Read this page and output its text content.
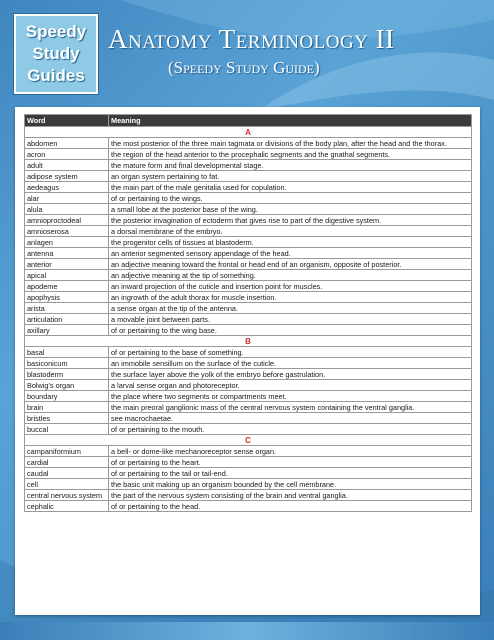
Speedy
Study
Guides
Anatomy Terminology II
(Speedy Study Guide)
Word	Meaning
A	
abdomen	the most posterior of the three main tagmata or divisions of the body plan, after the head and the thorax.
acron	the region of the head anterior to the procephalic segments and the gnathal segments.
adult	the mature form and final developmental stage.
adipose system	an organ system pertaining to fat.
aedeagus	the main part of the male genitalia used for copulation.
alar	of or pertaining to the wings.
alula	a small lobe at the posterior base of the wing.
amnioproctodeal	the posterior invagination of ectoderm that gives rise to part of the digestive system.
amnioserosa	a dorsal membrane of the embryo.
anlagen	the progenitor cells of tissues at blastoderm.
antenna	an anterior segmented sensory appendage of the head.
anterior	an adjective meaning toward the frontal or head end of an organism, opposite of posterior.
apical	an adjective meaning at the tip of something.
apodeme	an inward projection of the cuticle and insertion point for muscles.
apophysis	an ingrowth of the adult thorax for muscle insertion.
arista	a sense organ at the tip of the antenna.
articulation	a movable joint between parts.
axillary	of or pertaining to the wing base.
B	
basal	of or pertaining to the base of something.
basiconicum	an immobile sensillum on the surface of the cuticle.
blastoderm	the surface layer above the yolk of the embryo before gastrulation.
Bolwig's organ	a larval sense organ and photoreceptor.
boundary	the place where two segments or compartments meet.
brain	the main preoral ganglionic mass of the central nervous system containing the ventral ganglia.
bristles	see macrochaetae.
buccal	of or pertaining to the mouth.
C	
campaniformium	a bell- or dome-like mechanoreceptor sense organ.
cardial	of or pertaining to the heart.
caudal	of or pertaining to the tail or tail-end.
cell	the basic unit making up an organism bounded by the cell membrane.
central nervous system	the part of the nervous system consisting of the brain and ventral ganglia.
cephalic	of or pertaining to the head.
